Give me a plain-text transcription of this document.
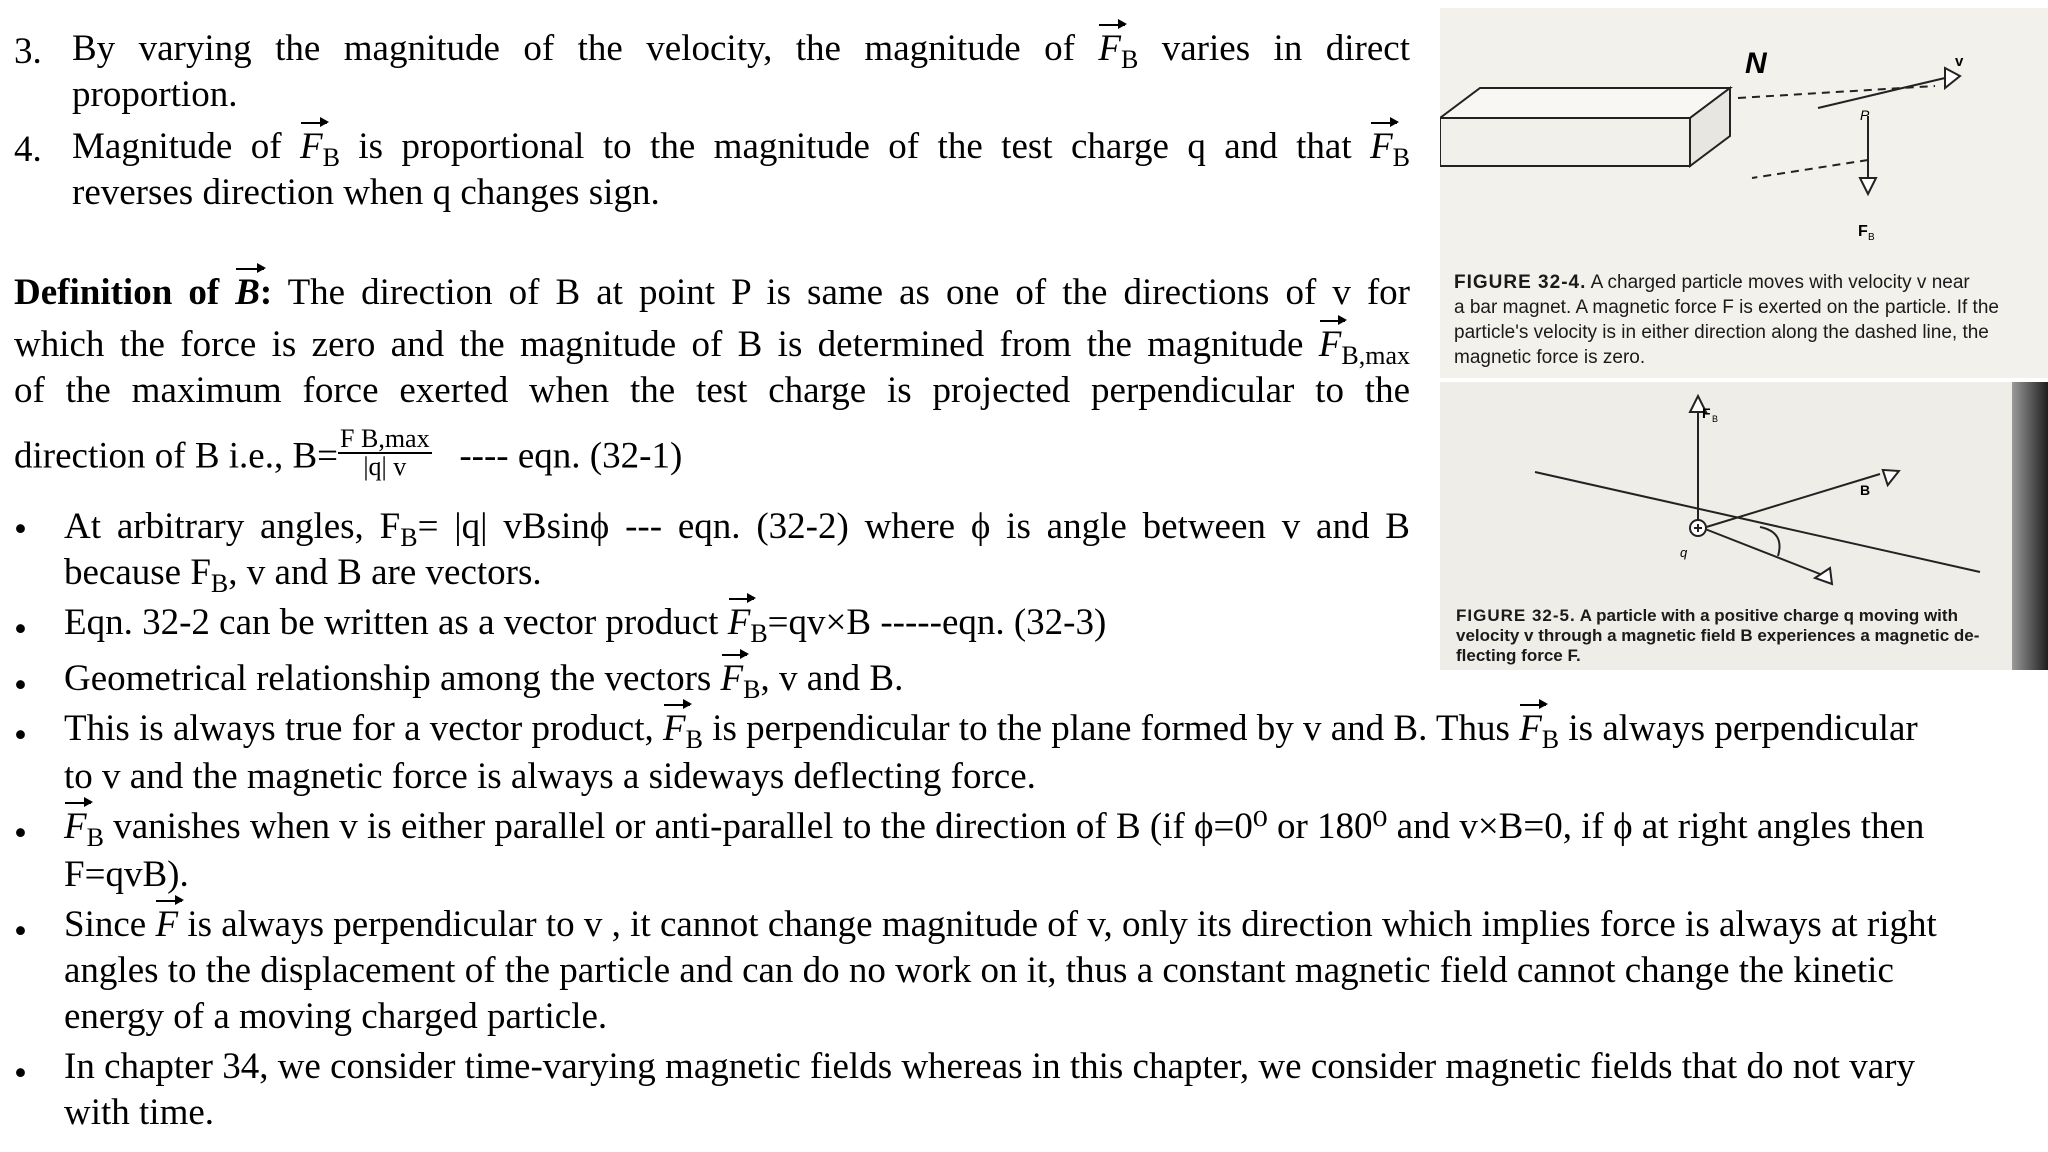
3. By varying the magnitude of the velocity, the magnitude of $F_B$ varies in direct
proportion.
4. Magnitude of $F_B$ is proportional to the magnitude of the test charge q and that $F_B$
reverses direction when q changes sign.
Definition of B: The direction of B at point P is same as one of the directions of v for
which the force is zero and the magnitude of B is determined from the magnitude $F_{B,max}$
of the maximum force exerted when the test charge is projected perpendicular to the
direction of B i.e., $B= \frac{\text{F B,max}}{|q| v}$ ---- eqn. (32-1)
• At arbitrary angles, $F_B= |q|$ vBsinϕ --- eqn. (32-2) where ϕ is angle between v and B
because $F_B$, v and B are vectors.
• Eqn. 32-2 can be written as a vector product $F_B=qv\times B$ -----eqn. (32-3)
• Geometrical relationship among the vectors $F_B$, v and B.
• This is always true for a vector product, $F_B$ is perpendicular to the plane formed by v and B. Thus $F_B$ is always perpendicular
to v and the magnetic force is always a sideways deflecting force.
• $F_B$ vanishes when v is either parallel or anti-parallel to the direction of B (if ϕ=0⁰ or 180⁰ and v×B=0, if ϕ at right angles then
F=qvB).
• Since F is always perpendicular to v , it cannot change magnitude of v, only its direction which implies force is always at right
angles to the displacement of the particle and can do no work on it, thus a constant magnetic field cannot change the kinetic
energy of a moving charged particle.
• In chapter 34, we consider time-varying magnetic fields whereas in this chapter, we consider magnetic fields that do not vary
with time.
N
P
v
F B
FIGURE 32-4. A charged particle moves with velocity v near
a bar magnet. A magnetic force F is exerted on the particle. If the
particle's velocity is in either direction along the dashed line, the
magnetic force is zero.
F B
B
q
FIGURE 32-5. A particle with a positive charge q moving with
velocity v through a magnetic field B experiences a magnetic de-
flecting force F.
